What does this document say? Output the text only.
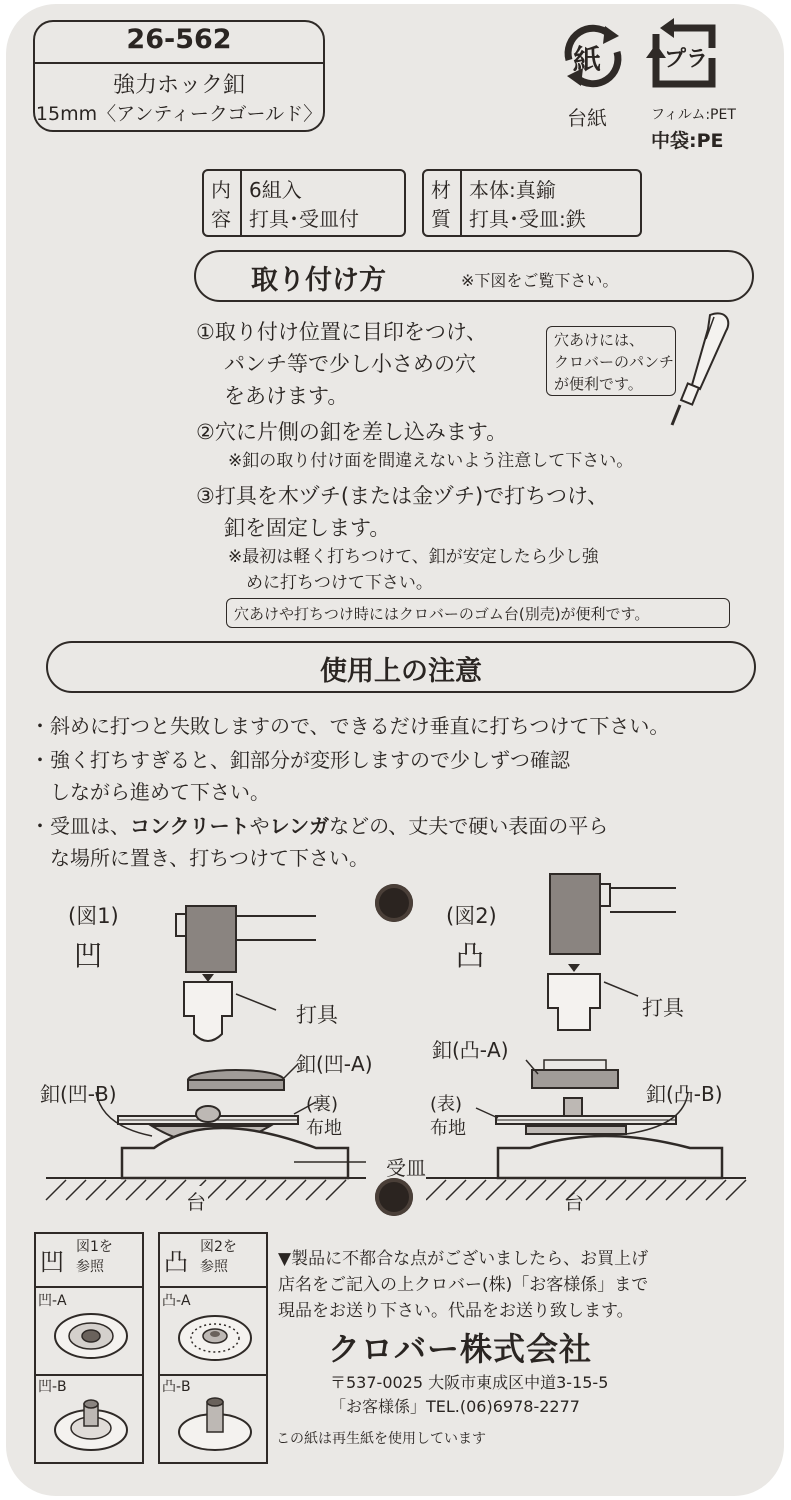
26-562
強力ホック釦
15mm〈アンティークゴールド〉
紙
台紙
プラ
フィルム:PET
中袋:PE
内
容
6組入
打具･受皿付
材
質
本体:真鍮
打具･受皿:鉄
取り付け方	※下図をご覧下さい。
①取り付け位置に目印をつけ、
パンチ等で少し小さめの穴
をあけます。
穴あけには、
クロバーのパンチ
が便利です。
②穴に片側の釦を差し込みます。
※釦の取り付け面を間違えないよう注意して下さい。
③打具を木ヅチ(または金ヅチ)で打ちつけ、
釦を固定します。
※最初は軽く打ちつけて、釦が安定したら少し強
めに打ちつけて下さい。
穴あけや打ちつけ時にはクロバーのゴム台(別売)が便利です。
使用上の注意
・斜めに打つと失敗しますので、できるだけ垂直に打ちつけて下さい。
・強く打ちすぎると、釦部分が変形しますので少しずつ確認
しながら進めて下さい。
・受皿は、コンクリートやレンガなどの、丈夫で硬い表面の平ら
な場所に置き、打ちつけて下さい。
(図1)
凹
打具
釦(凹-A)
釦(凹-B)	(裏)
布地
受皿
台	台
(図2)
凸
打具
釦(凸-A)
釦(凸-B)
(表)
布地
凹
図1を
参照
凹-A
凹-B
凸
図2を
参照
凸-A
凸-B
▼製品に不都合な点がございましたら、お買上げ
店名をご記入の上クロバー(株)「お客様係」まで
現品をお送り下さい。代品をお送り致します。
クロバー株式会社
〒537-0025 大阪市東成区中道3-15-5
「お客様係」TEL.(06)6978-2277
この紙は再生紙を使用しています
